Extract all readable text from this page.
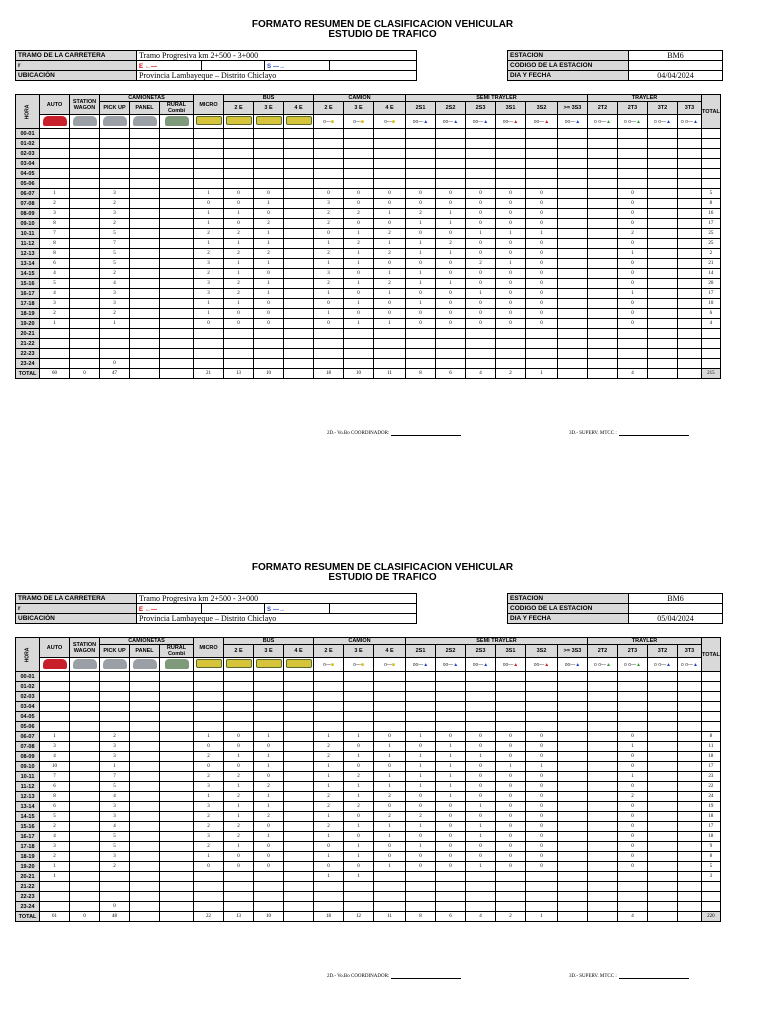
FORMATO RESUMEN DE CLASIFICACION VEHICULAR
ESTUDIO DE TRAFICO
TRAMO DE LA CARRETERA	Tramo Progresiva km 2+500 - 3+000			
r	E ←—		S —→	
UBICACIÓN	Provincia Lambayeque – Distrito Chiclayo			
ESTACION	BM6
CODIGO DE LA ESTACION	
DIA Y FECHA	04/04/2024
HORA	AUTO	STATION WAGON	CAMIONETAS			MICRO	BUS			CAMION			SEMI TRAYLER						TRAYLER				TOTAL
			PICK UP	PANEL	RURAL Combi		2 E	3 E	4 E	2 E	3 E	4 E	2S1	2S2	2S3	3S1	3S2	>= 3S3	2T2	2T3	3T2	3T3	
										o—■	o—■	o—■	oo—▲	oo—▲	oo—▲	oo—▲	oo—▲	oo—▲	o o—▲	o o—▲	o o—▲	o o—▲	
00-01																							
01-02																							
02-03																							
03-04																							
04-05																							
05-06																							
06-07	1		3			1	0	0		0	0	0	0	0	0	0	0			0			5
07-08	2		2			0	0	1		3	0	0	0	0	0	0	0			0			8
08-09	3		3			1	1	0		2	2	1	2	1	0	0	0			0			16
09-10	8		2			1	0	2		2	0	0	1	1	0	0	0			0			17
10-11	7		5			2	2	1		0	1	2	0	0	1	1	1			2			25
11-12	8		7			1	1	1		1	2	1	1	2	0	0	0			0			25
12-13	8		5			2	2	2		2	1	2	1	1	0	0	0			1			2
13-14	6		5			3	1	1		1	1	0	0	0	2	1	0			0			21
14-15	4		2			2	1	0		3	0	1	1	0	0	0	0			0			14
15-16	5		4			3	2	1		2	1	2	1	1	0	0	0			0			20
16-17	4		3			3	2	1		1	0	1	0	0	1	0	0			1			17
17-18	3		3			1	1	0		0	1	0	1	0	0	0	0			0			10
18-19	2		2			1	0	0		1	0	0	0	0	0	0	0			0			6
19-20	1		1			0	0	0		0	1	1	0	0	0	0	0			0			4
20-21																							
21-22																							
22-23																							
23-24			0																				
TOTAL	60	0	47			21	13	10		18	10	11	8	6	4	2	1			4			215
2D.- Vo.Bo COORDINADOR:	3D.- SUPERV. MTCC :
FORMATO RESUMEN DE CLASIFICACION VEHICULAR
ESTUDIO DE TRAFICO
TRAMO DE LA CARRETERA	Tramo Progresiva km 2+500 - 3+000			
r	E ←—		S —→	
UBICACIÓN	Provincia Lambayeque – Distrito Chiclayo			
ESTACION	BM6
CODIGO DE LA ESTACION	
DIA Y FECHA	05/04/2024
HORA	AUTO	STATION WAGON	CAMIONETAS			MICRO	BUS			CAMION			SEMI TRAYLER						TRAYLER				TOTAL
			PICK UP	PANEL	RURAL Combi		2 E	3 E	4 E	2 E	3 E	4 E	2S1	2S2	2S3	3S1	3S2	>= 3S3	2T2	2T3	3T2	3T3	
										o—■	o—■	o—■	oo—▲	oo—▲	oo—▲	oo—▲	oo—▲	oo—▲	o o—▲	o o—▲	o o—▲	o o—▲	
00-01																							
01-02																							
02-03																							
03-04																							
04-05																							
05-06																							
06-07	1		2			1	0	1		1	1	0	1	0	0	0	0			0			8
07-08	3		3			0	0	0		2	0	1	0	1	0	0	0			1			11
08-09	4		3			2	1	1		2	1	1	1	1	1	0	0			0			18
09-10	10		1			0	0	1		1	0	0	1	1	0	1	1			0			17
10-11	7		7			2	2	0		1	2	1	1	1	0	0	0			1			23
11-12	6		5			3	1	2		1	1	1	1	1	0	0	0			0			22
12-13	8		4			1	2	1		2	1	2	0	1	0	0	0			2			24
13-14	6		3			3	1	1		2	2	0	0	0	1	0	0			0			19
14-15	5		3			2	1	2		1	0	2	2	0	0	0	0			0			18
15-16	2		4			2	2	0		2	1	1	1	0	1	0	0			0			17
16-17	4		5			3	2	1		1	0	1	0	0	1	0	0			0			18
17-18	3		5			2	1	0		0	1	0	1	0	0	0	0			0			9
18-19	2		3			1	0	0		1	1	0	0	0	0	0	0			0			8
19-20	1		2			0	0	0		0	0	1	0	0	1	0	0			0			5
20-21	1									1	1												3
21-22																							
22-23																							
23-24			0																				
TOTAL	61	0	48			22	13	10		18	12	11	8	6	4	2	1			4			220
2D.- Vo.Bo COORDINADOR:	3D.- SUPERV. MTCC :
